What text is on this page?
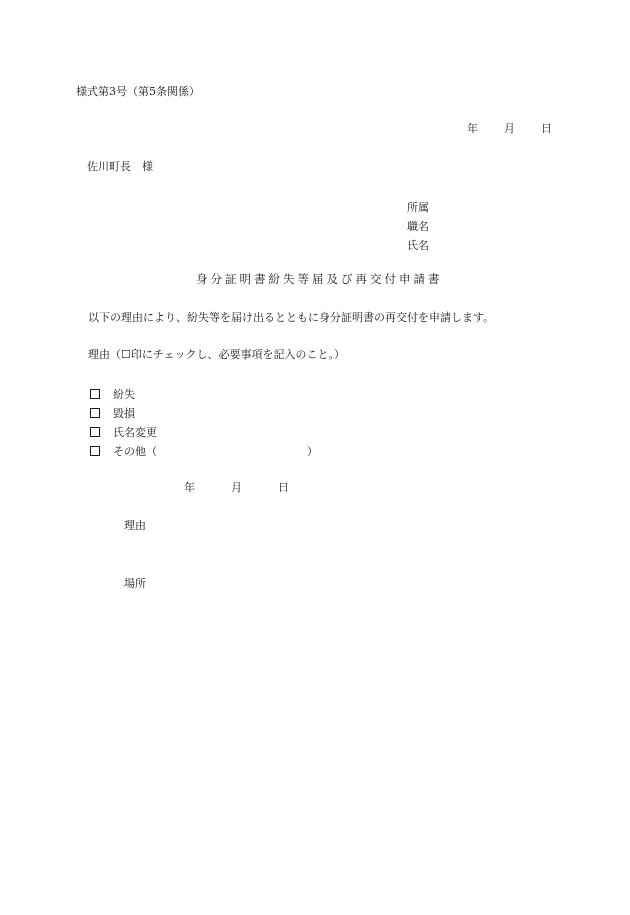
様式第3号（第5条関係）
年 月 日
佐川町長　様
所属
職名
氏名
身分証明書紛失等届及び再交付申請書
以下の理由により、紛失等を届け出るとともに身分証明書の再交付を申請します。
理由（☐印にチェックし、必要事項を記入のこと。）
紛失
毀損
氏名変更
その他（	）
年	月	日
理由
場所
